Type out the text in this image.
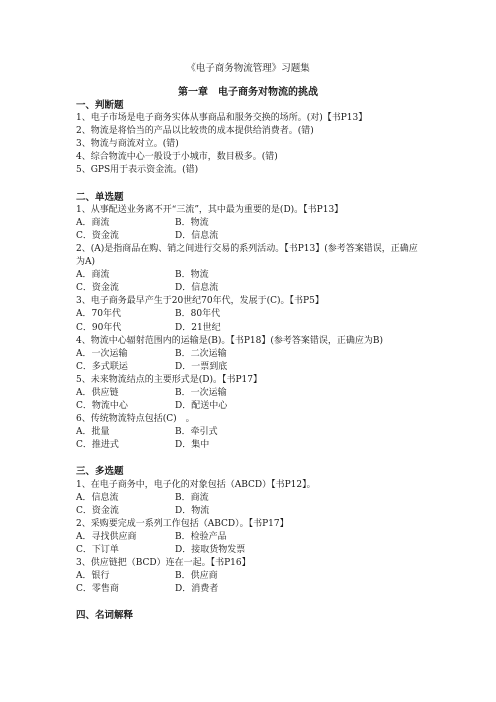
《电子商务物流管理》习题集
第一章　电子商务对物流的挑战

一、判断题

1、电子市场是电子商务实体从事商品和服务交换的场所。(对)【书P13】

2、物流是将恰当的产品以比较贵的成本提供给消费者。(错)

3、物流与商流对立。(错)

4、综合物流中心一般设于小城市，数目极多。(错)

5、GPS用于表示资金流。(错)

二、单选题

1、从事配送业务离不开“三流”，其中最为重要的是(D)。【书P13】

A．商流	B．物流
C．资金流	D．信息流

2、(A)是指商品在购、销之间进行交易的系列活动。【书P13】(参考答案错误，正确应为A)

A．商流	B．物流
C．资金流	D．信息流

3、电子商务最早产生于20世纪70年代，发展于(C)。【书P5】

A．70年代	B．80年代
C．90年代	D．21世纪

4、物流中心辐射范围内的运输是(B)。【书P18】(参考答案错误，正确应为B)

A．一次运输	B．二次运输
C．多式联运	D．一票到底

5、未来物流结点的主要形式是(D)。【书P17】

A．供应链	B．一次运输
C．物流中心	D．配送中心

6、传统物流特点包括(C)　。

A．批量	B．牵引式
C．推进式	D．集中

三、多选题

1、在电子商务中，电子化的对象包括（ABCD）【书P12】。

A．信息流	B．商流
C．资金流	D．物流

2、采购要完成一系列工作包括（ABCD）。【书P17】

A．寻找供应商	B．检验产品
C．下订单	D．接取货物发票

3、供应链把（BCD）连在一起。【书P16】

A．银行	B．供应商
C．零售商	D．消费者

四、名词解释
